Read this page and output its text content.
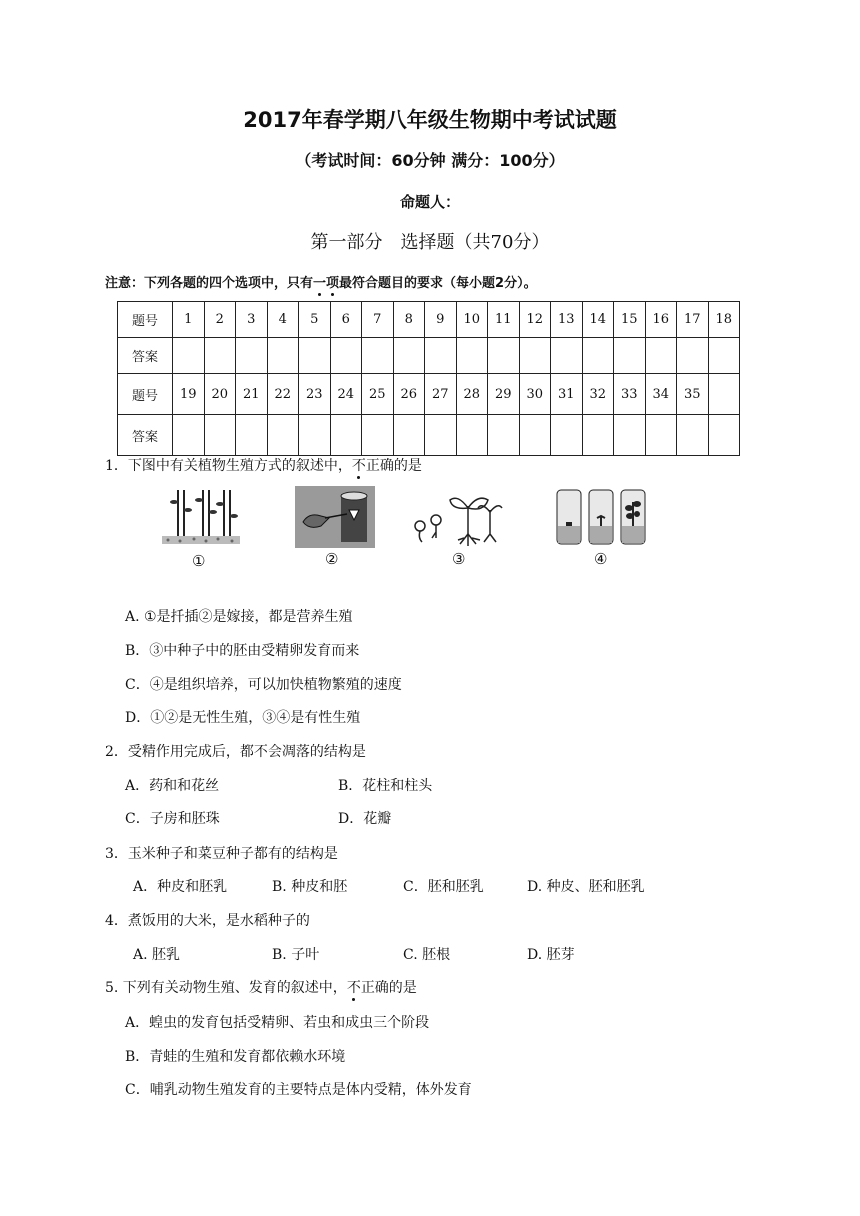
2017年春学期八年级生物期中考试试题
（考试时间：60分钟 满分：100分）
命题人：
第一部分　选择题（共70分）
注意：下列各题的四个选项中，只有一项最符合题目的要求（每小题2分）。
题号	1	2	3	4	5	6	7	8	9	10	11	12	13	14	15	16	17	18
答案																		
题号	19	20	21	22	23	24	25	26	27	28	29	30	31	32	33	34	35	
答案																		
1．下图中有关植物生殖方式的叙述中，不正确的是
①	②	③	④
A. ①是扦插②是嫁接，都是营养生殖
B．③中种子中的胚由受精卵发育而来
C．④是组织培养，可以加快植物繁殖的速度
D．①②是无性生殖，③④是有性生殖
2．受精作用完成后，都不会凋落的结构是
A．药和和花丝	B．花柱和柱头
C．子房和胚珠	D．花瓣
3．玉米种子和菜豆种子都有的结构是
A．种皮和胚乳	B. 种皮和胚	C．胚和胚乳	D. 种皮、胚和胚乳
4．煮饭用的大米，是水稻种子的
A. 胚乳	B. 子叶	C. 胚根	D. 胚芽
5. 下列有关动物生殖、发育的叙述中，不正确的是
A．蝗虫的发育包括受精卵、若虫和成虫三个阶段
B．青蛙的生殖和发育都依赖水环境
C．哺乳动物生殖发育的主要特点是体内受精，体外发育
